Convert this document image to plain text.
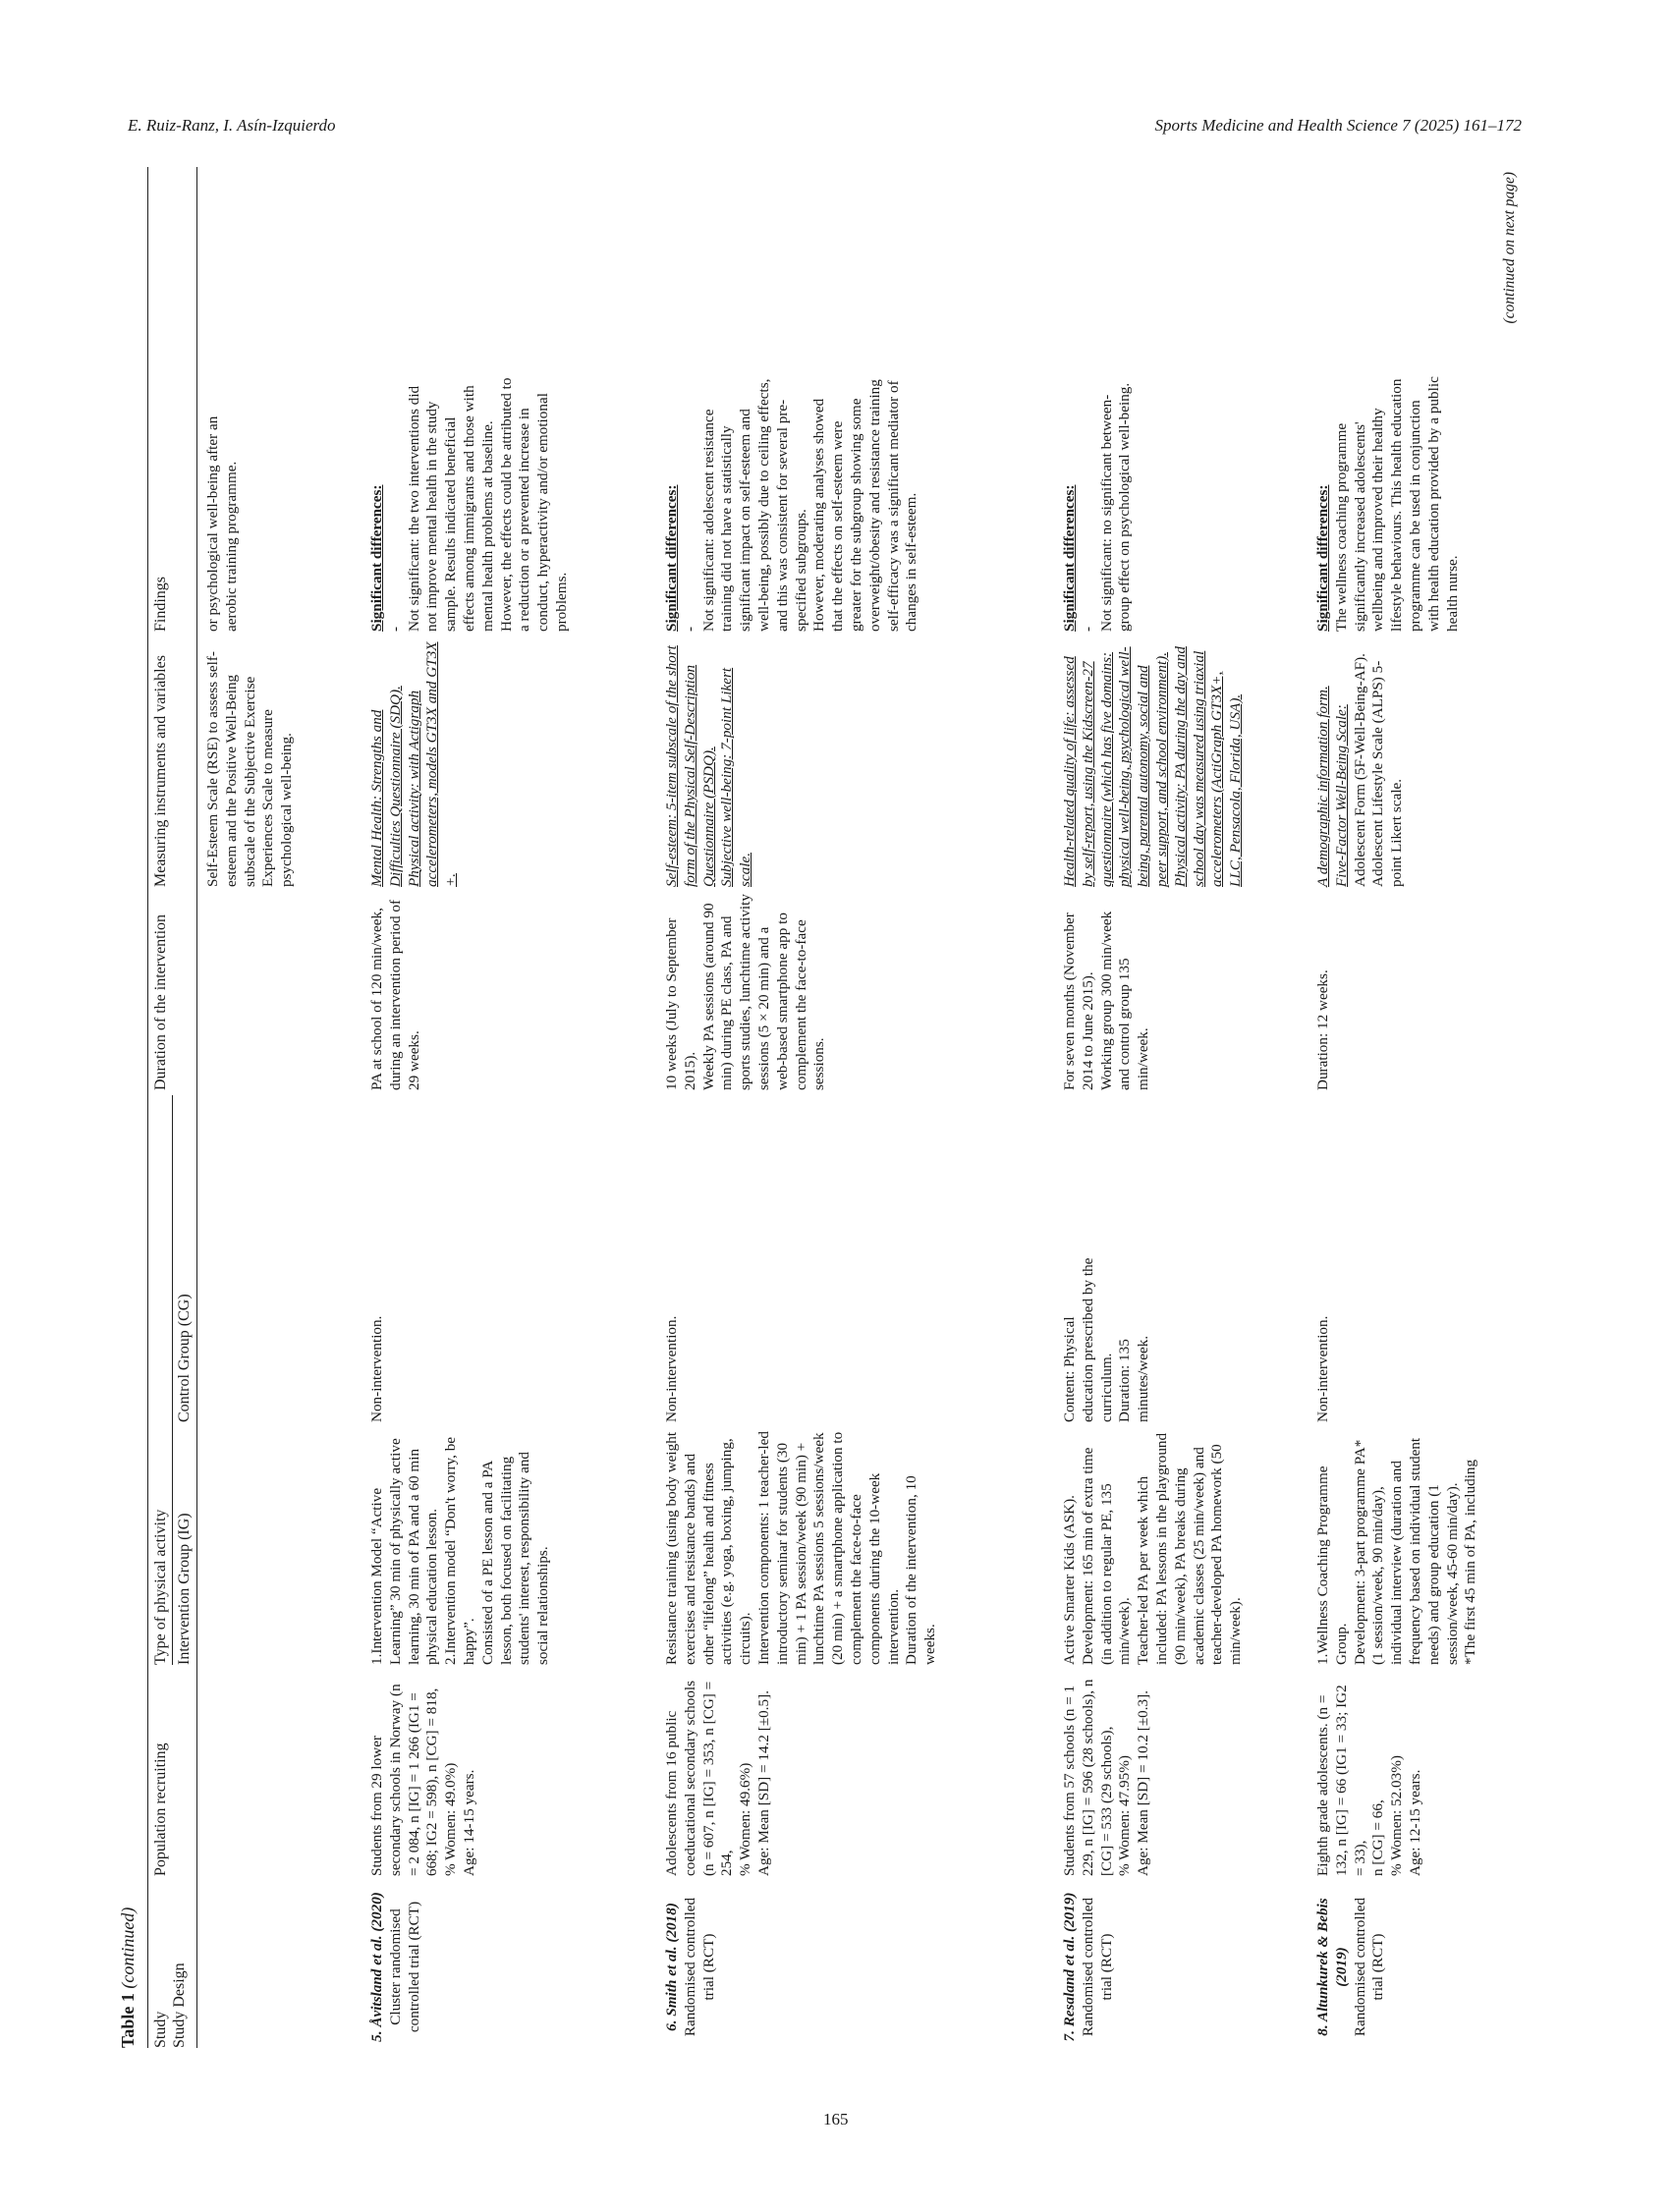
E. Ruiz-Ranz, I. Asín-Izquierdo	Sports Medicine and Health Science 7 (2025) 161–172
Table 1 (continued)

Study Study Design

Population recruiting
Type of physical activity Intervention Group (IG)
Control Group (CG)
Duration of the intervention
Measuring instruments and variables
Findings

Self-Esteem Scale (RSE) to assess self-esteem and the Positive Well-Being subscale of the Subjective Exercise Experiences Scale to measure psychological well-being.

or psychological well-being after an aerobic training programme.

5. Åvitsland et al. (2020) Cluster randomised controlled trial (RCT)

Students from 29 lower secondary schools in Norway (n = 2 084, n [IG] = 1 266 (IG1 = 668; IG2 = 598), n [CG] = 818, % Women: 49.0%) Age: 14-15 years.

1.Intervention Model “Active Learning” 30 min of physically active learning, 30 min of PA and a 60 min physical education lesson. 2.Intervention model “Don't worry, be happy”. Consisted of a PE lesson and a PA lesson, both focused on facilitating students' interest, responsibility and social relationships.

Non-intervention.

PA at school of 120 min/week, during an intervention period of 29 weeks.

Mental Health: Strengths and Difficulties Questionnaire (SDQ). Physical activity: with Actigraph accelerometers, models GT3X and GT3X +.

Significant differences: - Not significant: the two interventions did not improve mental health in the study sample. Results indicated beneficial effects among immigrants and those with mental health problems at baseline. However, the effects could be attributed to a reduction or a prevented increase in conduct, hyperactivity and/or emotional problems.

6. Smith et al. (2018) Randomised controlled trial (RCT)

Adolescents from 16 public coeducational secondary schools (n = 607, n [IG] = 353, n [CG] = 254, % Women: 49.6%) Age: Mean [SD] = 14.2 [±0.5].

Resistance training (using body weight exercises and resistance bands) and other “lifelong” health and fitness activities (e.g. yoga, boxing, jumping, circuits). Intervention components: 1 teacher-led introductory seminar for students (30 min) + 1 PA session/week (90 min) + lunchtime PA sessions 5 sessions/week (20 min) + a smartphone application to complement the face-to-face components during the 10-week intervention. Duration of the intervention, 10 weeks.

Non-intervention.

10 weeks (July to September 2015). Weekly PA sessions (around 90 min) during PE class, PA and sports studies, lunchtime activity sessions (5 × 20 min) and a web-based smartphone app to complement the face-to-face sessions.

Self-esteem: 5-item subscale of the short form of the Physical Self-Description Questionnaire (PSDQ). Subjective well-being: 7-point Likert scale.

Significant differences: - Not significant: adolescent resistance training did not have a statistically significant impact on self-esteem and well-being, possibly due to ceiling effects, and this was consistent for several pre-specified subgroups. However, moderating analyses showed that the effects on self-esteem were greater for the subgroup showing some overweight/obesity and resistance training self-efficacy was a significant mediator of changes in self-esteem.

7. Resaland et al. (2019) Randomised controlled trial (RCT)

Students from 57 schools (n = 1 229, n [IG] = 596 (28 schools), n [CG] = 533 (29 schools), % Women: 47.95%) Age: Mean [SD] = 10.2 [±0.3].

Active Smarter Kids (ASK). Development: 165 min of extra time (in addition to regular PE, 135 min/week). Teacher-led PA per week which included: PA lessons in the playground (90 min/week), PA breaks during academic classes (25 min/week) and teacher-developed PA homework (50 min/week).

Content: Physical education prescribed by the curriculum. Duration: 135 minutes/week.

For seven months (November 2014 to June 2015). Working group 300 min/week and control group 135 min/week.

Health-related quality of life: assessed by self-report, using the Kidscreen-27 questionnaire (which has five domains: physical well-being, psychological well-being, parental autonomy, social and peer support, and school environment). Physical activity: PA during the day and school day was measured using triaxial accelerometers (ActiGraph GT3X+, LLC, Pensacola, Florida, USA).

Significant differences: - Not significant: no significant between-group effect on psychological well-being.

8. Altunkurek & Bebis (2019) Randomised controlled trial (RCT)

Eighth grade adolescents. (n = 132, n [IG] = 66 (IG1 = 33; IG2 = 33), n [CG] = 66, % Women: 52.03%) Age: 12-15 years.

1.Wellness Coaching Programme Group. Development: 3-part programme PA* (1 session/week, 90 min/day), individual interview (duration and frequency based on individual student needs) and group education (1 session/week, 45-60 min/day). *The first 45 min of PA, including

Non-intervention.

Duration: 12 weeks.

A demographic information form. Five-Factor Well-Being Scale: Adolescent Form (5F-Well-Being-AF). Adolescent Lifestyle Scale (ALPS) 5-point Likert scale.

Significant differences: The wellness coaching programme significantly increased adolescents' wellbeing and improved their healthy lifestyle behaviours. This health education programme can be used in conjunction with health education provided by a public health nurse.

(continued on next page)
165
